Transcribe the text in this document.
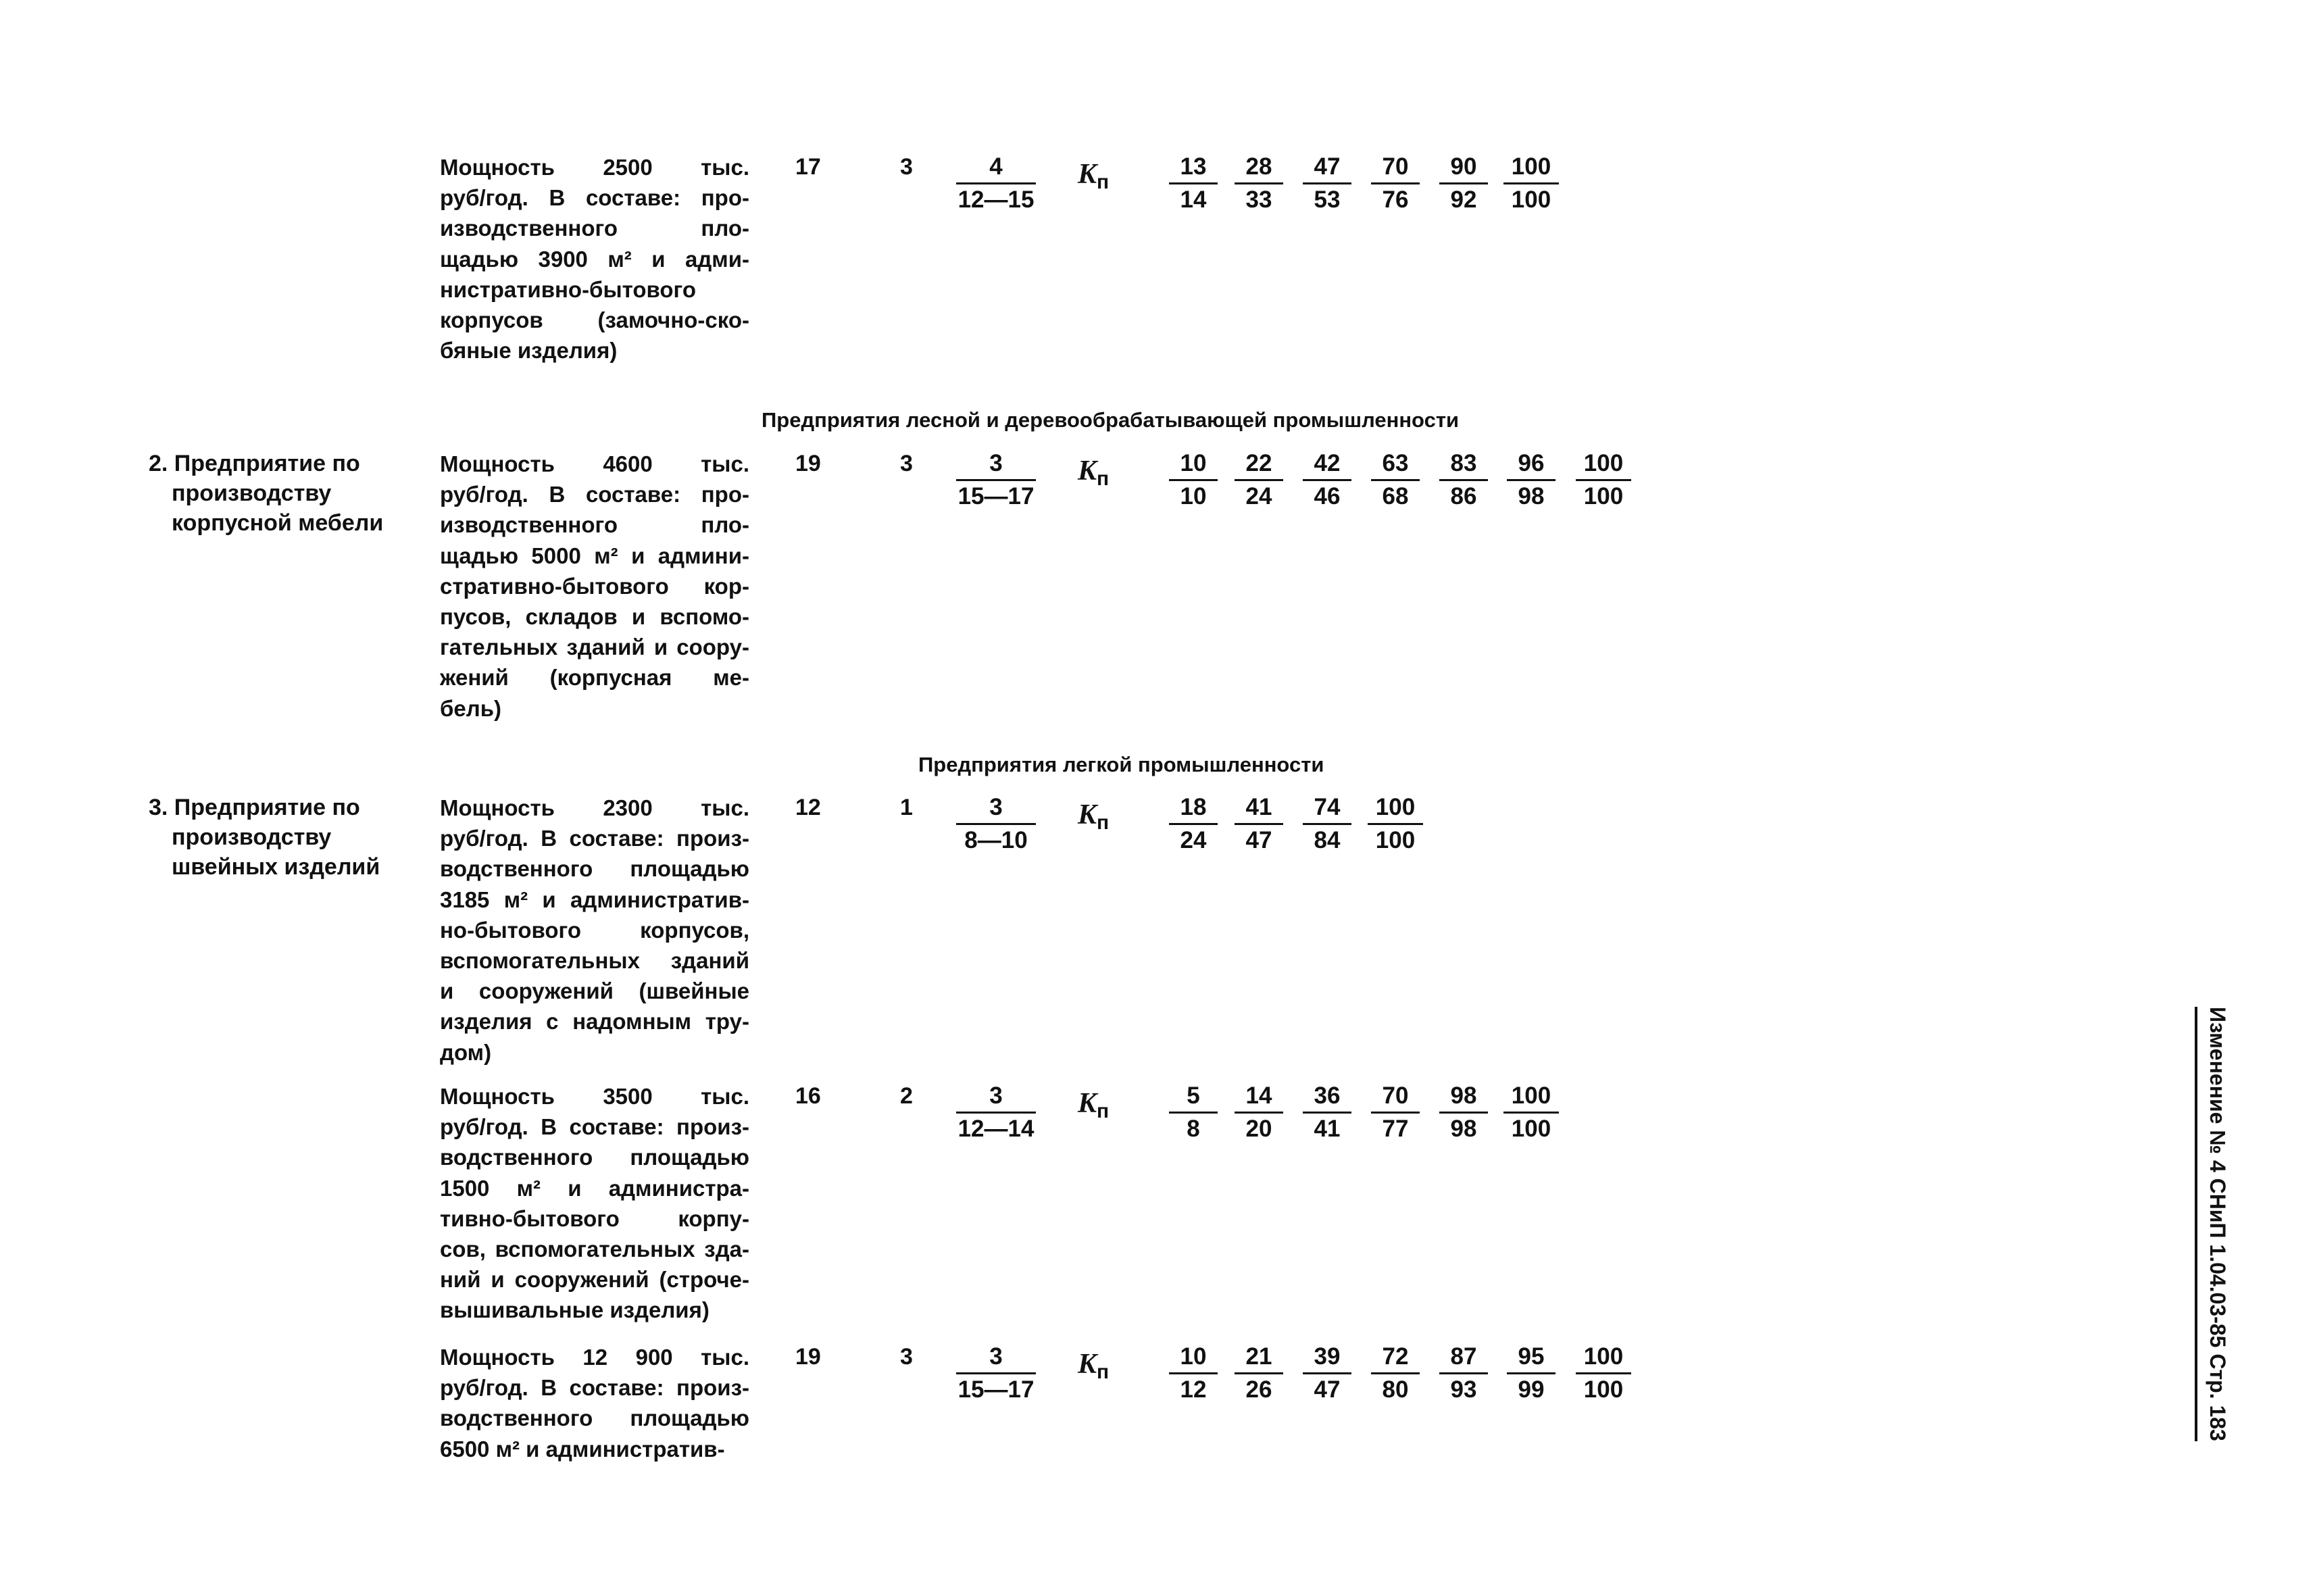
Предприятия лесной и деревообрабатывающей промышленности
Предприятия легкой промышленности
Мощность 2500 тыс.
руб/год. В составе: про-
изводственного пло-
щадью 3900 м² и адми-
нистративно-бытового
корпусов (замочно-ско-
бяные изделия)
17	$3 \frac{4}{12—15} K_п$	$\frac{13}{14} \frac{28}{33} \frac{47}{53} \frac{70}{76} \frac{90}{92} \frac{100}{100}$
2. Предприятие по
производству
корпусной мебели
Мощность 4600 тыс.
руб/год. В составе: про-
изводственного пло-
щадью 5000 м² и админи-
стративно-бытового кор-
пусов, складов и вспомо-
гательных зданий и соору-
жений (корпусная ме-
бель)
19	$3 \frac{3}{15—17} K_п$	$\frac{10}{10} \frac{22}{24} \frac{42}{46} \frac{63}{68} \frac{83}{86} \frac{96}{98} \frac{100}{100}$
3. Предприятие по
производству
швейных изделий
Мощность 2300 тыс.
руб/год. В составе: произ-
водственного площадью
3185 м² и административ-
но-бытового корпусов,
вспомогательных зданий
и сооружений (швейные
изделия с надомным тру-
дом)
12	$1 \frac{3}{8—10} K_п$	$\frac{18}{24} \frac{41}{47} \frac{74}{84} \frac{100}{100}$
Мощность 3500 тыс.
руб/год. В составе: произ-
водственного площадью
1500 м² и администра-
тивно-бытового корпу-
сов, вспомогательных зда-
ний и сооружений (строче-
вышивальные изделия)
16	$2 \frac{3}{12—14} K_п$	$\frac{5}{8} \frac{14}{20} \frac{36}{41} \frac{70}{77} \frac{98}{98} \frac{100}{100}$
Мощность 12 900 тыс.
руб/год. В составе: произ-
водственного площадью
6500 м² и административ-
19	$3 \frac{3}{15—17} K_п$	$\frac{10}{12} \frac{21}{26} \frac{39}{47} \frac{72}{80} \frac{87}{93} \frac{95}{99} \frac{100}{100}$	Изменение № 4 СНиП 1.04.03-85 Стр. 183
